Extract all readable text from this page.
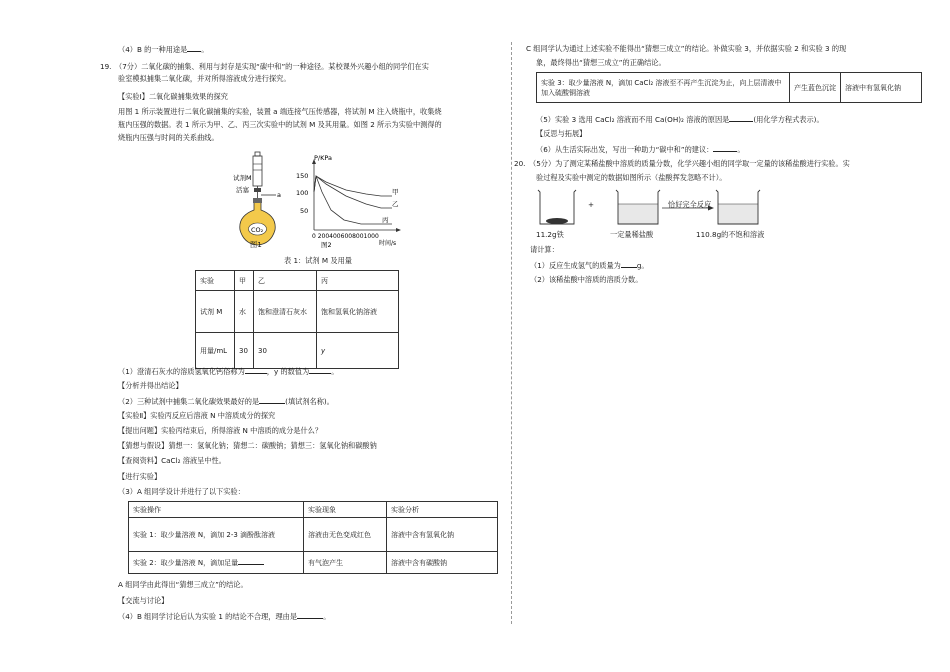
（4）B 的一种用途是 。
19.　（7分）二氧化碳的捕集、利用与封存是实现“碳中和”的一种途径。某校课外兴趣小组的同学们在实
验室模拟捕集二氧化碳，并对所得溶液成分进行探究。
【实验Ⅰ】二氧化碳捕集效果的探究
用图 1 所示装置进行二氧化碳捕集的实验，装置 a 端连接气压传感器，将试剂 M 注入烧瓶中，收集烧
瓶内压强的数据。表 1 所示为甲、乙、丙三次实验中的试剂 M 及其用量。如图 2 所示为实验中测得的
烧瓶内压强与时间的关系曲线。
试剂M
活塞
a
CO₂
图1
P/KPa
150
100
50
甲
乙
丙
0 2004006008001000
时间/s
图2
表 1：试剂 M 及用量
实验	甲	乙	丙
试剂 M	水	饱和澄清石灰水	饱和氢氧化钠溶液
用量/mL	30	30	y
（1）澄清石灰水的溶质氢氧化钙俗称为	，y 的数值为	。
【分析并得出结论】
（2）三种试剂中捕集二氧化碳效果最好的是	(填试剂名称)。
【实验Ⅱ】实验丙反应后溶液 N 中溶质成分的探究
【提出问题】实验丙结束后，所得溶液 N 中溶质的成分是什么？
【猜想与假设】猜想一：氢氧化钠；猜想二：碳酸钠；猜想三：氢氧化钠和碳酸钠
【查阅资料】CaCl₂ 溶液呈中性。
【进行实验】
（3）A 组同学设计并进行了以下实验：
实验操作	实验现象	实验分析
实验 1：取少量溶液 N，滴加 2-3 滴酚酞溶液	溶液由无色变成红色	溶液中含有氢氧化钠
实验 2：取少量溶液 N，滴加足量	有气泡产生	溶液中含有碳酸钠
A 组同学由此得出“猜想三成立”的结论。
【交流与讨论】
（4）B 组同学讨论后认为实验 1 的结论不合理，理由是	。
C 组同学认为通过上述实验不能得出“猜想三成立”的结论。补做实验 3，并依据实验 2 和实验 3 的现
象，最终得出“猜想三成立”的正确结论。
实验 3：取少量溶液 N，滴加 CaCl₂ 溶液至不再产生沉淀为止，向上层清液中加入硫酸铜溶液	产生蓝色沉淀	溶液中有氢氧化钠
（5）实验 3 选用 CaCl₂ 溶液而不用 Ca(OH)₂ 溶液的原因是	(用化学方程式表示)。
【反思与拓展】
（6）从生活实际出发，写出一种助力“碳中和”的建议：	。
20.　（5分）为了测定某稀盐酸中溶质的质量分数，化学兴趣小组的同学取一定量的该稀盐酸进行实验。实
验过程及实验中测定的数据如图所示（盐酸挥发忽略不计）。
+	恰好完全反应
11.2g铁	一定量稀盐酸	110.8g的不饱和溶液
请计算：
（1）反应生成氢气的质量为 g。
（2）该稀盐酸中溶质的溶质分数。
